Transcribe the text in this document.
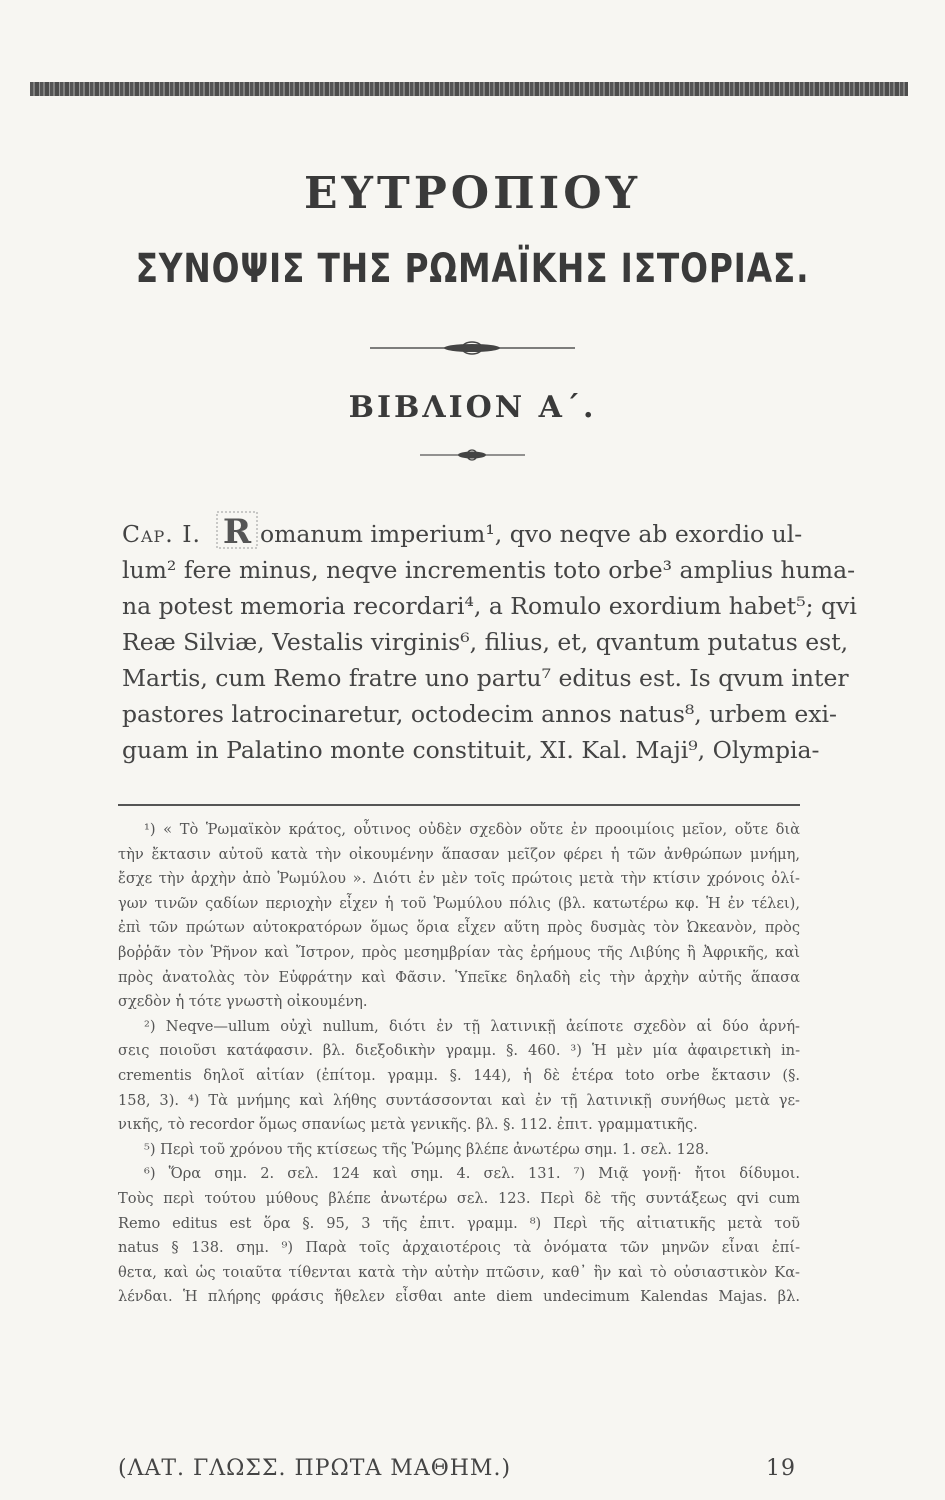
ΕΥΤΡΟΠΙΟΥ
ΣΥΝΟΨΙΣ ΤΗΣ ΡΩΜΑΪΚΗΣ ΙΣΤΟΡΙΑΣ.
ΒΙΒΛΙΟΝ Α΄.
Cap. I. R omanum imperium¹, qvo neqve ab exordio ul-
lum² fere minus, neqve incrementis toto orbe³ amplius huma-
na potest memoria recordari⁴, a Romulo exordium habet⁵; qvi
Reæ Silviæ, Vestalis virginis⁶, filius, et, qvantum putatus est,
Martis, cum Remo fratre uno partu⁷ editus est. Is qvum inter
pastores latrocinaretur, octodecim annos natus⁸, urbem exi-
guam in Palatino monte constituit, XI. Kal. Maji⁹, Olympia-
¹) « Τὸ Ῥωμαϊκὸν κράτος, οὗτινος οὐδὲν σχεδὸν οὔτε ἐν προοιμίοις μεῖον, οὔτε διὰ
τὴν ἔκτασιν αὐτοῦ κατὰ τὴν οἰκουμένην ἅπασαν μεῖζον φέρει ἡ τῶν ἀνθρώπων μνήμη,
ἔσχε τὴν ἀρχὴν ἀπὸ Ῥωμύλου ». Διότι ἐν μὲν τοῖς πρώτοις μετὰ τὴν κτίσιν χρόνοις ὀλί-
γων τινῶν ςαδίων περιοχὴν εἶχεν ἡ τοῦ Ῥωμύλου πόλις (βλ. κατωτέρω κφ. Ἡ ἐν τέλει),
ἐπὶ τῶν πρώτων αὐτοκρατόρων ὅμως ὅρια εἶχεν αὕτη πρὸς δυσμὰς τὸν Ὠκεανὸν, πρὸς
βοῤῥᾶν τὸν Ῥῆνον καὶ Ἴστρον, πρὸς μεσημβρίαν τὰς ἐρήμους τῆς Λιβύης ἢ Ἀφρικῆς, καὶ
πρὸς ἀνατολὰς τὸν Εὐφράτην καὶ Φᾶσιν. Ὑπεῖκε δηλαδὴ εἰς τὴν ἀρχὴν αὐτῆς ἅπασα
σχεδὸν ἡ τότε γνωστὴ οἰκουμένη.
²) Neqve—ullum οὐχὶ nullum, διότι ἐν τῇ λατινικῇ ἀείποτε σχεδὸν αἱ δύο ἀρνή-
σεις ποιοῦσι κατάφασιν. βλ. διεξοδικὴν γραμμ. §. 460. ³) Ἡ μὲν μία ἀφαιρετικὴ in-
crementis δηλοῖ αἰτίαν (ἐπίτομ. γραμμ. §. 144), ἡ δὲ ἑτέρα toto orbe ἔκτασιν (§.
158, 3). ⁴) Τὰ μνήμης καὶ λήθης συντάσσονται καὶ ἐν τῇ λατινικῇ συνήθως μετὰ γε-
νικῆς, τὸ recordor ὅμως σπανίως μετὰ γενικῆς. βλ. §. 112. ἐπιτ. γραμματικῆς.
⁵) Περὶ τοῦ χρόνου τῆς κτίσεως τῆς Ῥώμης βλέπε ἀνωτέρω σημ. 1. σελ. 128.
⁶) Ὅρα σημ. 2. σελ. 124 καὶ σημ. 4. σελ. 131. ⁷) Μιᾷ γονῇ· ἤτοι δίδυμοι.
Τοὺς περὶ τούτου μύθους βλέπε ἀνωτέρω σελ. 123. Περὶ δὲ τῆς συντάξεως qvi cum
Remo editus est ὅρα §. 95, 3 τῆς ἐπιτ. γραμμ. ⁸) Περὶ τῆς αἰτιατικῆς μετὰ τοῦ
natus § 138. σημ. ⁹) Παρὰ τοῖς ἀρχαιοτέροις τὰ ὀνόματα τῶν μηνῶν εἶναι ἐπί-
θετα, καὶ ὡς τοιαῦτα τίθενται κατὰ τὴν αὐτὴν πτῶσιν, καθ᾿ ἣν καὶ τὸ οὐσιαστικὸν Κα-
λένδαι. Ἡ πλήρης φράσις ἤθελεν εἶσθαι ante diem undecimum Kalendas Majas. βλ.
(ΛΑΤ. ΓΛΩΣΣ. ΠΡΩΤΑ ΜΑΘΗΜ.)	19
